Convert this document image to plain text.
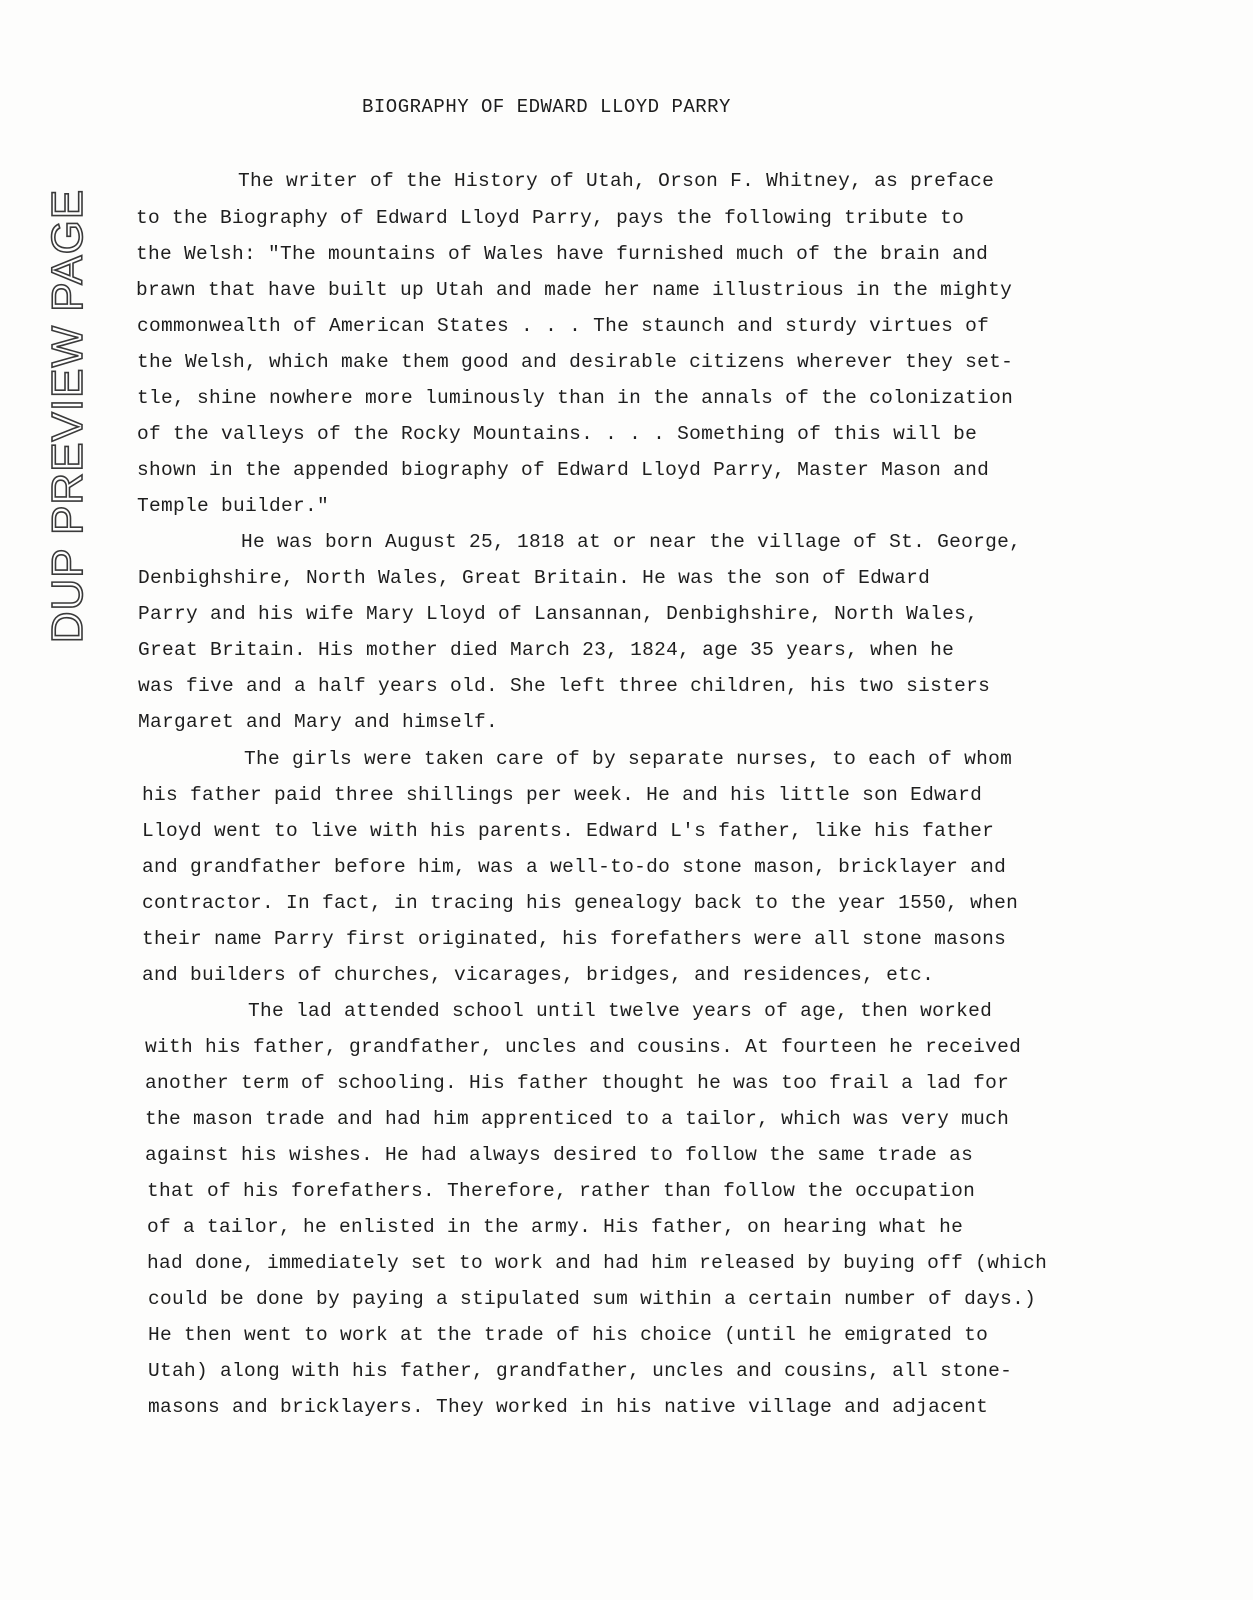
DUP PREVIEW PAGE
BIOGRAPHY OF EDWARD LLOYD PARRY
The writer of the History of Utah, Orson F. Whitney, as preface
to the Biography of Edward Lloyd Parry, pays the following tribute to
the Welsh: "The mountains of Wales have furnished much of the brain and
brawn that have built up Utah and made her name illustrious in the mighty
commonwealth of American States . . . The staunch and sturdy virtues of
the Welsh, which make them good and desirable citizens wherever they set-
tle, shine nowhere more luminously than in the annals of the colonization
of the valleys of the Rocky Mountains. . . . Something of this will be
shown in the appended biography of Edward Lloyd Parry, Master Mason and
Temple builder."
He was born August 25, 1818 at or near the village of St. George,
Denbighshire, North Wales, Great Britain. He was the son of Edward
Parry and his wife Mary Lloyd of Lansannan, Denbighshire, North Wales,
Great Britain. His mother died March 23, 1824, age 35 years, when he
was five and a half years old. She left three children, his two sisters
Margaret and Mary and himself.
The girls were taken care of by separate nurses, to each of whom
his father paid three shillings per week. He and his little son Edward
Lloyd went to live with his parents. Edward L's father, like his father
and grandfather before him, was a well-to-do stone mason, bricklayer and
contractor. In fact, in tracing his genealogy back to the year 1550, when
their name Parry first originated, his forefathers were all stone masons
and builders of churches, vicarages, bridges, and residences, etc.
The lad attended school until twelve years of age, then worked
with his father, grandfather, uncles and cousins. At fourteen he received
another term of schooling. His father thought he was too frail a lad for
the mason trade and had him apprenticed to a tailor, which was very much
against his wishes. He had always desired to follow the same trade as
that of his forefathers. Therefore, rather than follow the occupation
of a tailor, he enlisted in the army. His father, on hearing what he
had done, immediately set to work and had him released by buying off (which
could be done by paying a stipulated sum within a certain number of days.)
He then went to work at the trade of his choice (until he emigrated to
Utah) along with his father, grandfather, uncles and cousins, all stone-
masons and bricklayers. They worked in his native village and adjacent
